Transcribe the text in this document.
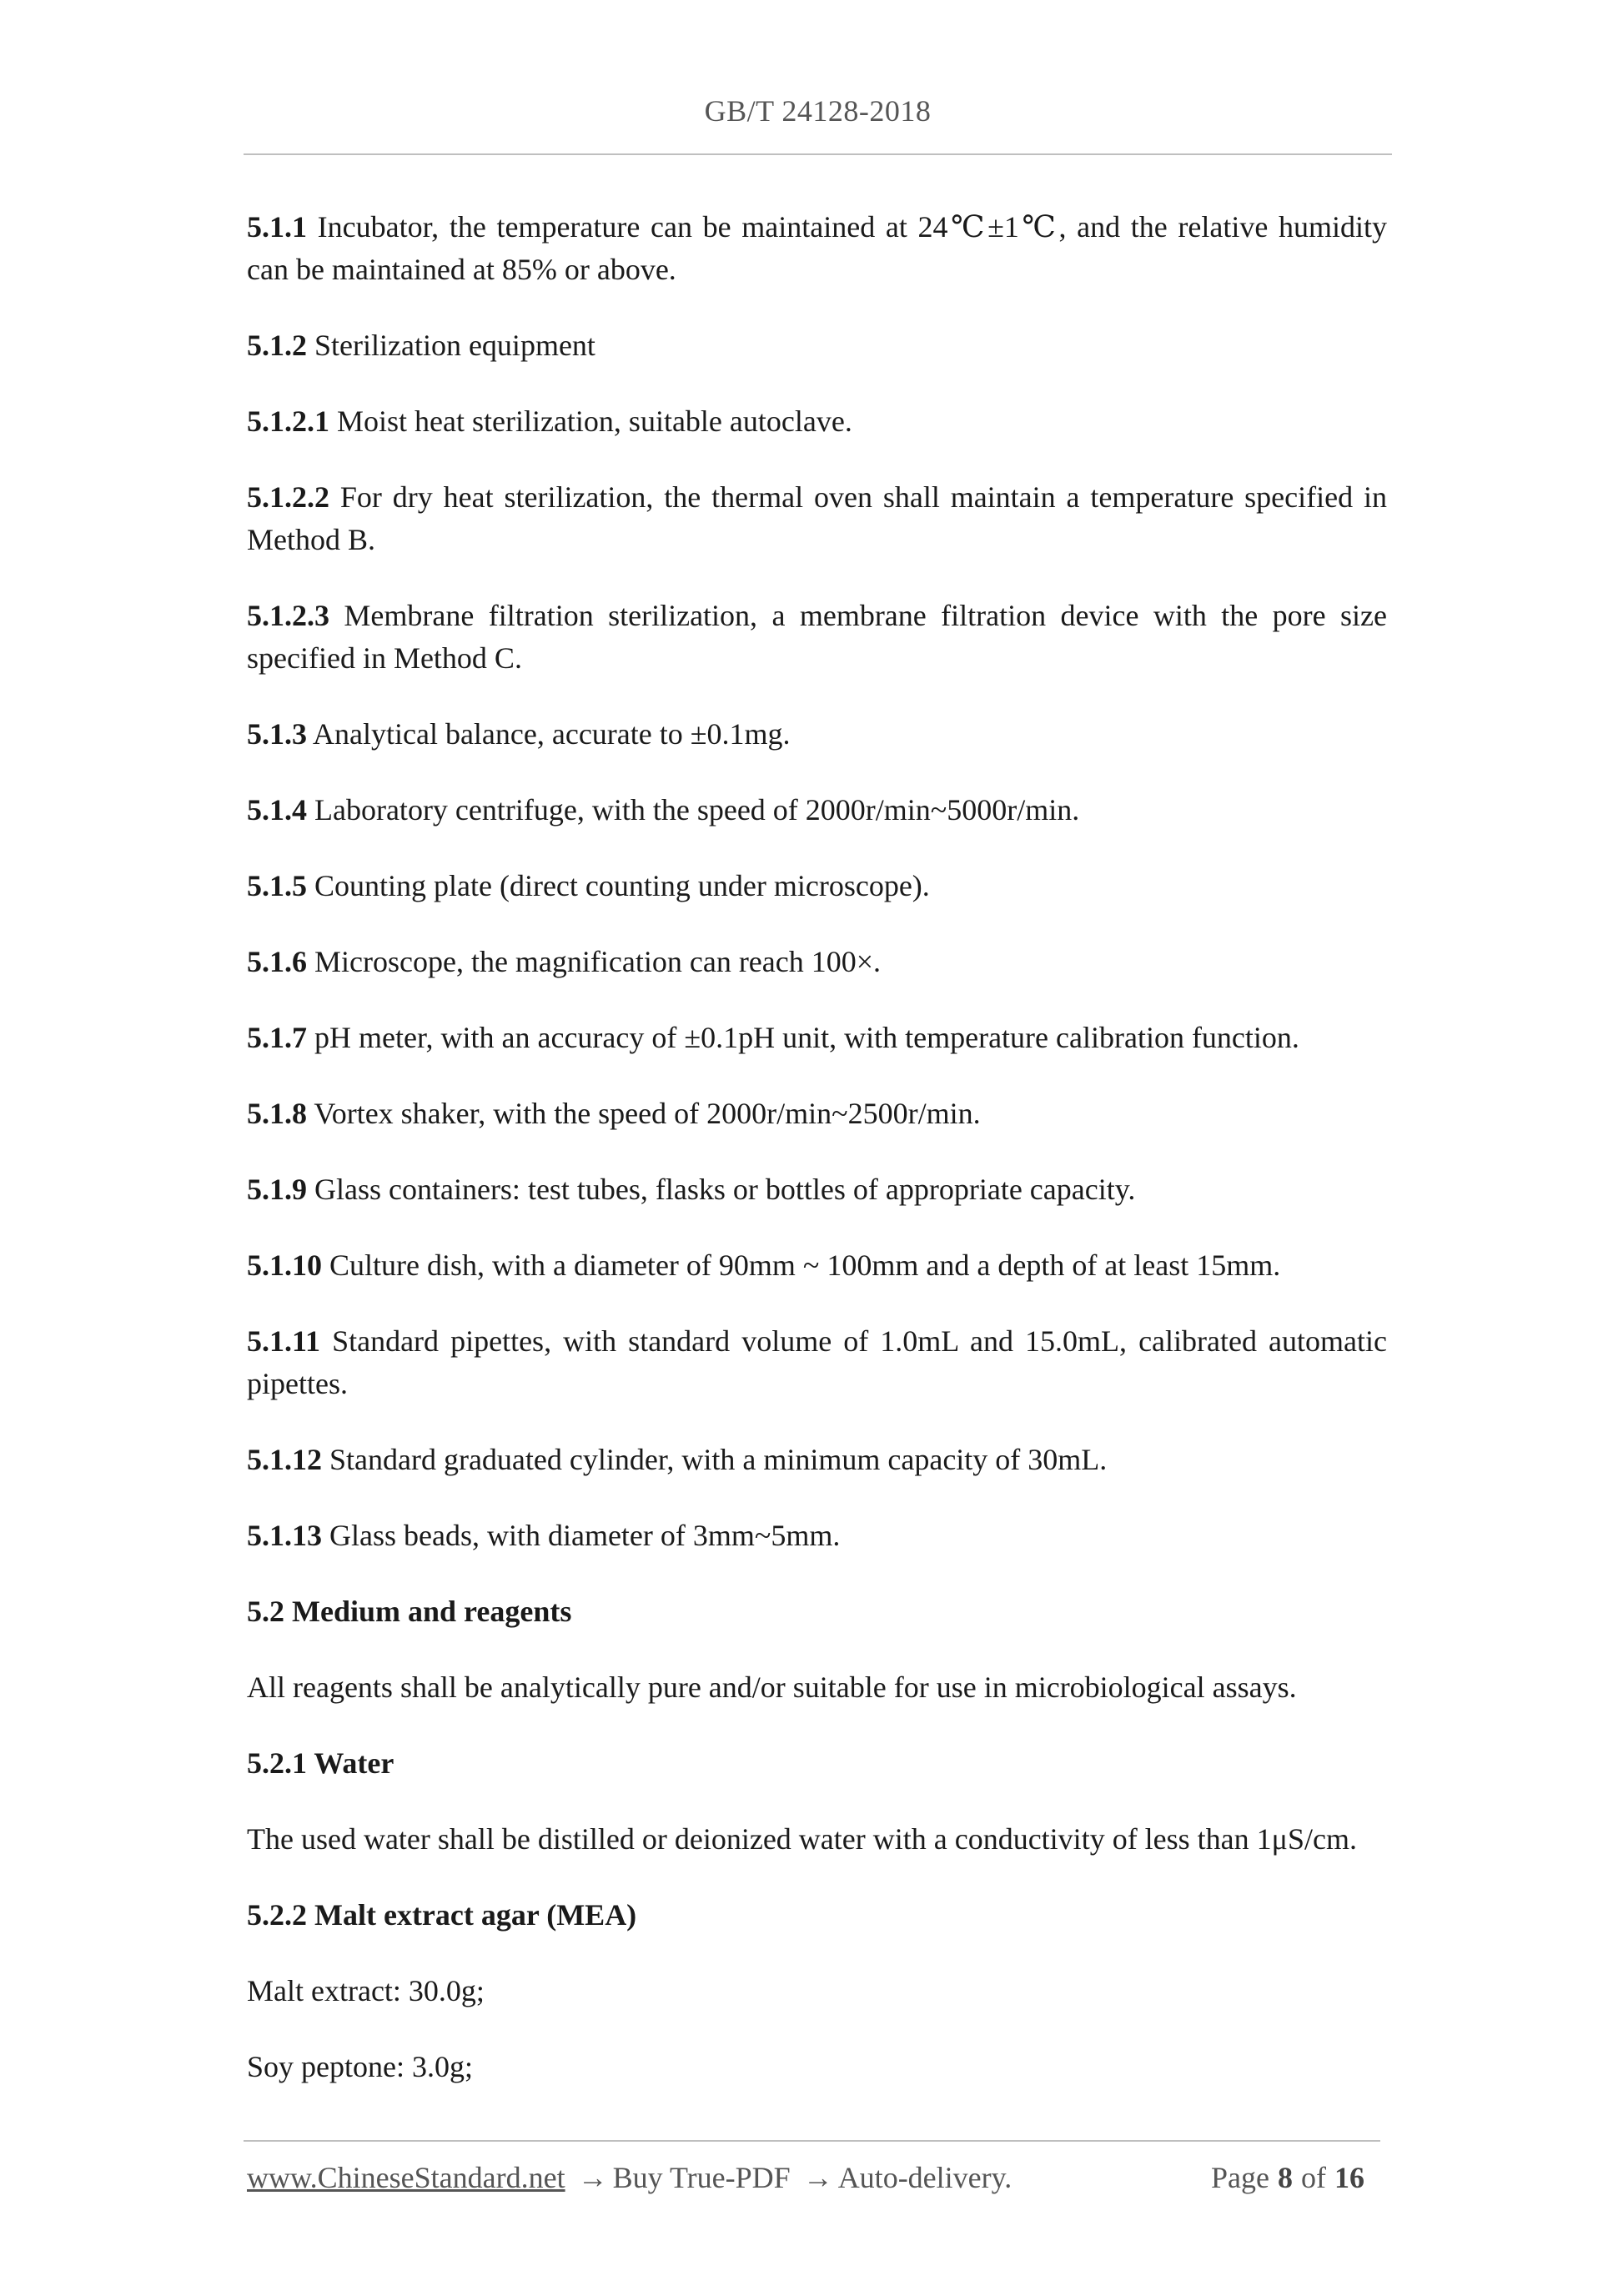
GB/T 24128-2018

5.1.1 Incubator, the temperature can be maintained at 24℃±1℃, and the relative humidity can be maintained at 85% or above.

5.1.2 Sterilization equipment

5.1.2.1 Moist heat sterilization, suitable autoclave.

5.1.2.2 For dry heat sterilization, the thermal oven shall maintain a temperature specified in Method B.

5.1.2.3 Membrane filtration sterilization, a membrane filtration device with the pore size specified in Method C.

5.1.3 Analytical balance, accurate to ±0.1mg.

5.1.4 Laboratory centrifuge, with the speed of 2000r/min~5000r/min.

5.1.5 Counting plate (direct counting under microscope).

5.1.6 Microscope, the magnification can reach 100×.

5.1.7 pH meter, with an accuracy of ±0.1pH unit, with temperature calibration function.

5.1.8 Vortex shaker, with the speed of 2000r/min~2500r/min.

5.1.9 Glass containers: test tubes, flasks or bottles of appropriate capacity.

5.1.10 Culture dish, with a diameter of 90mm ~ 100mm and a depth of at least 15mm.

5.1.11 Standard pipettes, with standard volume of 1.0mL and 15.0mL, calibrated automatic pipettes.

5.1.12 Standard graduated cylinder, with a minimum capacity of 30mL.

5.1.13 Glass beads, with diameter of 3mm~5mm.

5.2 Medium and reagents

All reagents shall be analytically pure and/or suitable for use in microbiological assays.

5.2.1 Water

The used water shall be distilled or deionized water with a conductivity of less than 1μS/cm.

5.2.2 Malt extract agar (MEA)

Malt extract: 30.0g;

Soy peptone: 3.0g;

www.ChineseStandard.net → Buy True-PDF → Auto-delivery.	Page 8 of 16
